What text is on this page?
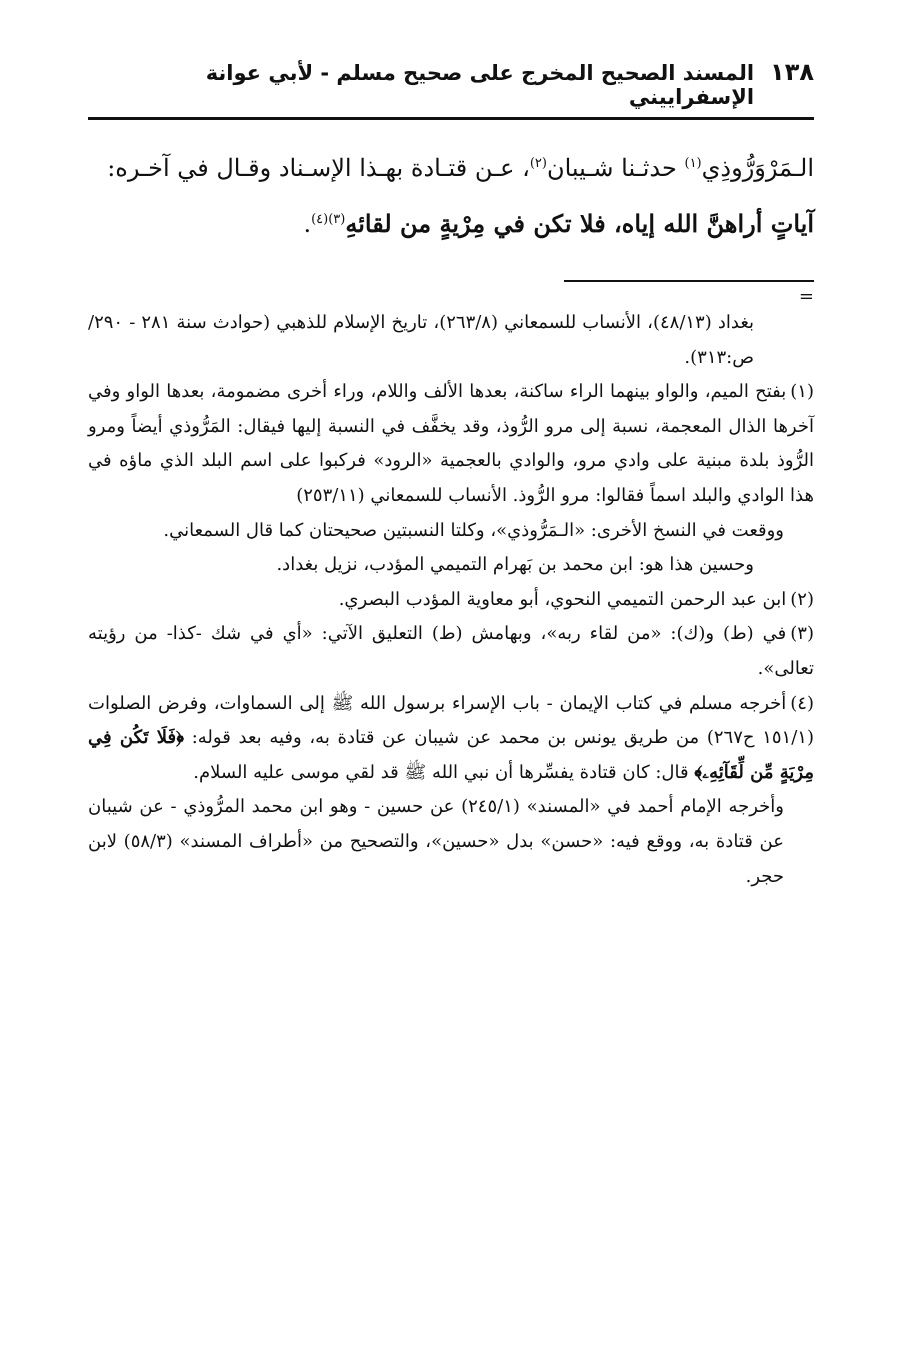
١٣٨
المسند الصحيح المخرج على صحيح مسلم - لأبي عوانة الإسفراييني
الـمَرْوَرُّوذِي$^{(١)}$ حدثـنا شـيبان$^{(٢)}$، عـن قتـادة بهـذا الإسـناد وقـال في آخـره:
آياتٍ أراهنَّ الله إياه، فلا تكن في مِرْيةٍ من لقائهِ$^{(٣)(٤)}$.
=
بغداد (٤٨/١٣)، الأنساب للسمعاني (٢٦٣/٨)، تاريخ الإسلام للذهبي (حوادث سنة ٢٨١ - ٢٩٠/ص:٣١٣).
(١)بفتح الميم، والواو بينهما الراء ساكنة، بعدها الألف واللام، وراء أخرى مضمومة، بعدها الواو وفي آخرها الذال المعجمة، نسبة إلى مرو الرُّوذ، وقد يخفَّف في النسبة إليها فيقال: المَرُّوذي أيضاً ومرو الرُّوذ بلدة مبنية على وادي مرو، والوادي بالعجمية «الرود» فركبوا على اسم البلد الذي ماؤه في هذا الوادي والبلد اسماً فقالوا: مرو الرُّوذ. الأنساب للسمعاني (٢٥٣/١١)
ووقعت في النسخ الأخرى: «الـمَرُّوذي»، وكلتا النسبتين صحيحتان كما قال السمعاني.
وحسين هذا هو: ابن محمد بن بَهرام التميمي المؤدب، نزيل بغداد.
(٢)ابن عبد الرحمن التميمي النحوي، أبو معاوية المؤدب البصري.
(٣)في (ط) و(ك): «من لقاء ربه»، وبهامش (ط) التعليق الآتي: «أي في شك -كذا- من رؤيته تعالى».
(٤)أخرجه مسلم في كتاب الإيمان - باب الإسراء برسول الله ﷺ إلى السماوات، وفرض الصلوات (١٥١/١ ح٢٦٧) من طريق يونس بن محمد عن شيبان عن قتادة به، وفيه بعد قوله: ﴿فَلَا تَكُن فِي مِرْيَةٍ مِّن لِّقَآئِهِۦ﴾ قال: كان قتادة يفسِّرها أن نبي الله ﷺ قد لقي موسى عليه السلام.
وأخرجه الإمام أحمد في «المسند» (٢٤٥/١) عن حسين - وهو ابن محمد المرُّوذي - عن شيبان عن قتادة به، ووقع فيه: «حسن» بدل «حسين»، والتصحيح من «أطراف المسند» (٥٨/٣) لابن حجر.
